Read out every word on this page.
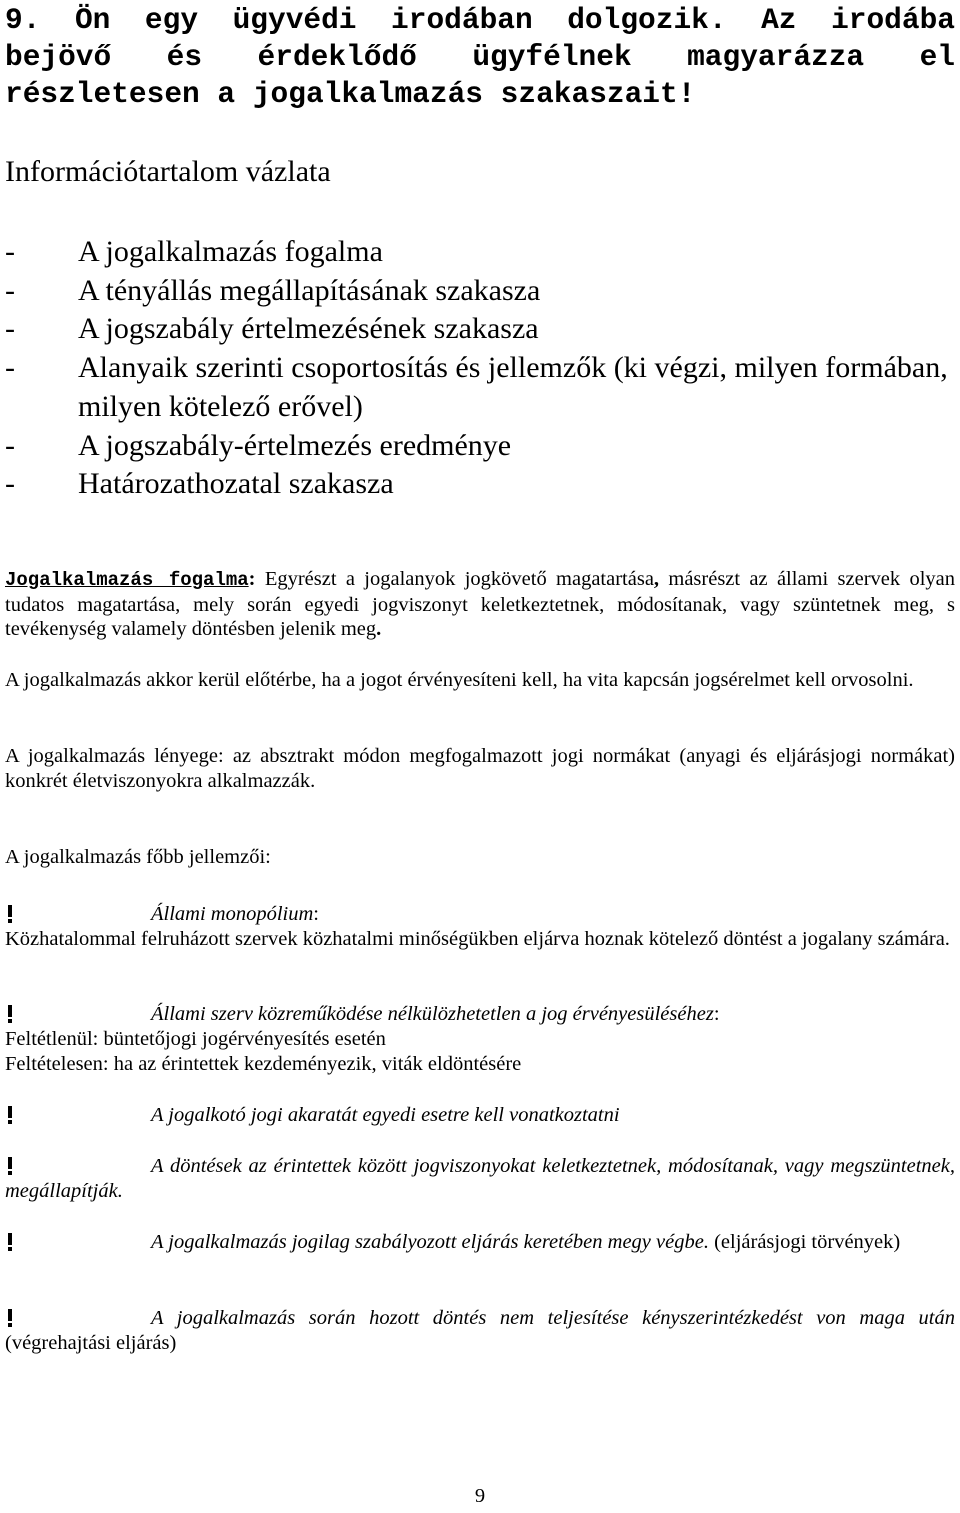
9. Ön egy ügyvédi irodában dolgozik. Az irodába bejövő és érdeklődő ügyfélnek magyarázza el részletesen a jogalkalmazás szakaszait!

Információtartalom vázlata

- A jogalkalmazás fogalma
- A tényállás megállapításának szakasza
- A jogszabály értelmezésének szakasza
- Alanyaik szerinti csoportosítás és jellemzők (ki végzi, milyen formában, milyen kötelező erővel)
- A jogszabály-értelmezés eredménye
- Határozathozatal szakasza

Jogalkalmazás fogalma: Egyrészt a jogalanyok jogkövető magatartása, másrészt az állami szervek olyan tudatos magatartása, mely során egyedi jogviszonyt keletkeztetnek, módosítanak, vagy szüntetnek meg, s tevékenység valamely döntésben jelenik meg.

A jogalkalmazás akkor kerül előtérbe, ha a jogot érvényesíteni kell, ha vita kapcsán jogsérelmet kell orvosolni.

A jogalkalmazás lényege: az absztrakt módon megfogalmazott jogi normákat (anyagi és eljárásjogi normákat) konkrét életviszonyokra alkalmazzák.

A jogalkalmazás főbb jellemzői:

Állami monopólium:
Közhatalommal felruházott szervek közhatalmi minőségükben eljárva hoznak kötelező döntést a jogalany számára.
Állami szerv közreműködése nélkülözhetetlen a jog érvényesüléséhez:
Feltétlenül: büntetőjogi jogérvényesítés esetén
Feltételesen: ha az érintettek kezdeményezik, viták eldöntésére
A jogalkotó jogi akaratát egyedi esetre kell vonatkoztatni
A döntések az érintettek között jogviszonyokat keletkeztetnek, módosítanak, vagy megszüntetnek, megállapítják.
A jogalkalmazás jogilag szabályozott eljárás keretében megy végbe. (eljárásjogi törvények)
A jogalkalmazás során hozott döntés nem teljesítése kényszerintézkedést von maga után (végrehajtási eljárás)
9
